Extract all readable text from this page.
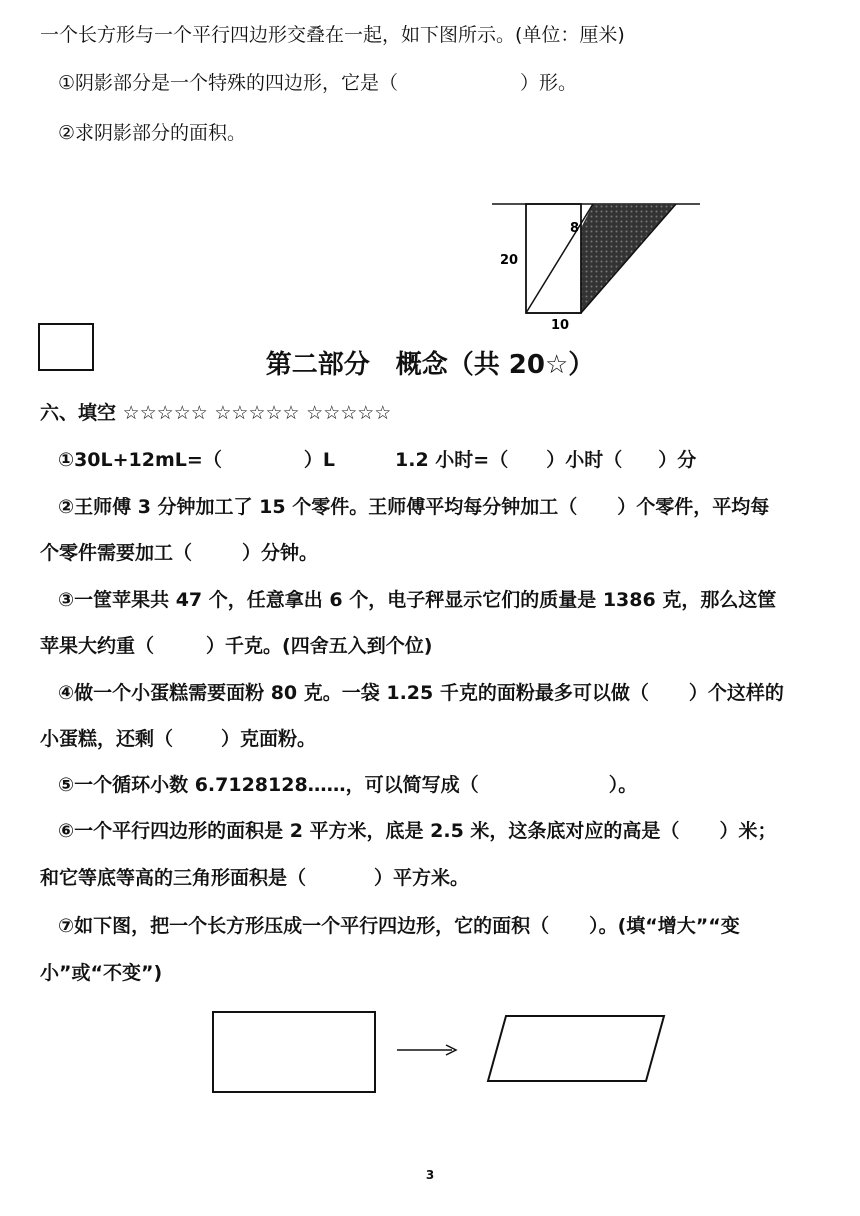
一个长方形与一个平行四边形交叠在一起，如下图所示。(单位：厘米)
①阴影部分是一个特殊的四边形，它是（	）形。
②求阴影部分的面积。
20
8
10
第二部分　概念（共 20☆）
六、填空 ☆☆☆☆☆ ☆☆☆☆☆ ☆☆☆☆☆
①30L+12mL=（	）L	1.2 小时=（ ）小时（ ）分
②王师傅 3 分钟加工了 15 个零件。王师傅平均每分钟加工（ ）个零件，平均每
个零件需要加工（	）分钟。
③一筐苹果共 47 个，任意拿出 6 个，电子秤显示它们的质量是 1386 克，那么这筐
苹果大约重（	）千克。(四舍五入到个位)
④做一个小蛋糕需要面粉 80 克。一袋 1.25 千克的面粉最多可以做（ ）个这样的
小蛋糕，还剩（	）克面粉。
⑤一个循环小数 6.7128128……，可以简写成（	）。
⑥一个平行四边形的面积是 2 平方米，底是 2.5 米，这条底对应的高是（ ）米；
和它等底等高的三角形面积是（	）平方米。
⑦如下图，把一个长方形压成一个平行四边形，它的面积（ ）。(填“增大”“变
小”或“不变”)
3
